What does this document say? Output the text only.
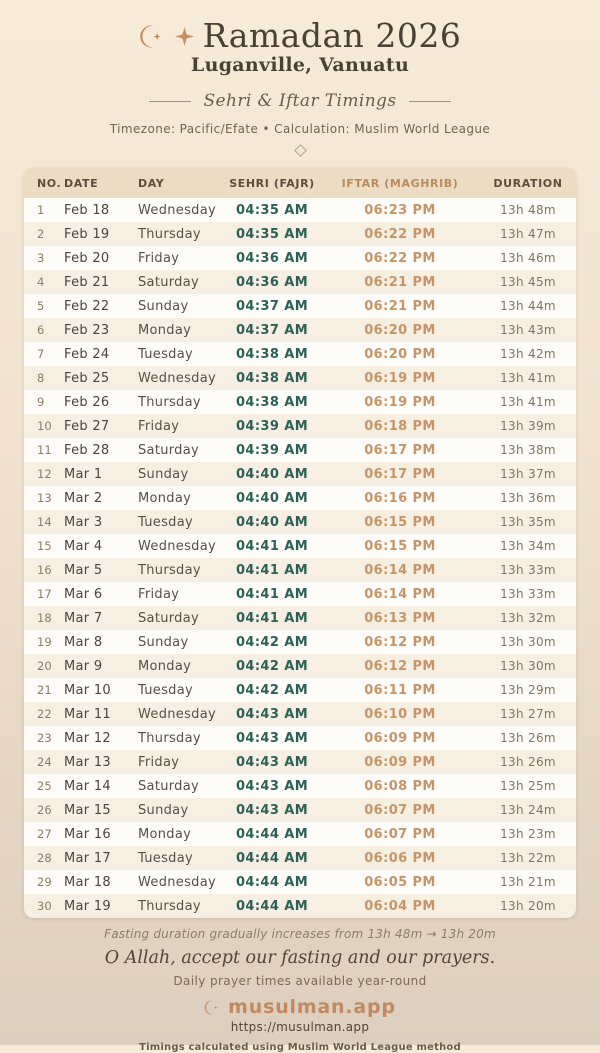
Ramadan 2026
Luganville, Vanuatu
Sehri & Iftar Timings
Timezone: Pacific/Efate • Calculation: Muslim World League
NO.	DATE	DAY	SEHRI (FAJR)	IFTAR (MAGHRIB)	DURATION
1	Feb 18	Wednesday	04:35 AM	06:23 PM	13h 48m
2	Feb 19	Thursday	04:35 AM	06:22 PM	13h 47m
3	Feb 20	Friday	04:36 AM	06:22 PM	13h 46m
4	Feb 21	Saturday	04:36 AM	06:21 PM	13h 45m
5	Feb 22	Sunday	04:37 AM	06:21 PM	13h 44m
6	Feb 23	Monday	04:37 AM	06:20 PM	13h 43m
7	Feb 24	Tuesday	04:38 AM	06:20 PM	13h 42m
8	Feb 25	Wednesday	04:38 AM	06:19 PM	13h 41m
9	Feb 26	Thursday	04:38 AM	06:19 PM	13h 41m
10	Feb 27	Friday	04:39 AM	06:18 PM	13h 39m
11	Feb 28	Saturday	04:39 AM	06:17 PM	13h 38m
12	Mar 1	Sunday	04:40 AM	06:17 PM	13h 37m
13	Mar 2	Monday	04:40 AM	06:16 PM	13h 36m
14	Mar 3	Tuesday	04:40 AM	06:15 PM	13h 35m
15	Mar 4	Wednesday	04:41 AM	06:15 PM	13h 34m
16	Mar 5	Thursday	04:41 AM	06:14 PM	13h 33m
17	Mar 6	Friday	04:41 AM	06:14 PM	13h 33m
18	Mar 7	Saturday	04:41 AM	06:13 PM	13h 32m
19	Mar 8	Sunday	04:42 AM	06:12 PM	13h 30m
20	Mar 9	Monday	04:42 AM	06:12 PM	13h 30m
21	Mar 10	Tuesday	04:42 AM	06:11 PM	13h 29m
22	Mar 11	Wednesday	04:43 AM	06:10 PM	13h 27m
23	Mar 12	Thursday	04:43 AM	06:09 PM	13h 26m
24	Mar 13	Friday	04:43 AM	06:09 PM	13h 26m
25	Mar 14	Saturday	04:43 AM	06:08 PM	13h 25m
26	Mar 15	Sunday	04:43 AM	06:07 PM	13h 24m
27	Mar 16	Monday	04:44 AM	06:07 PM	13h 23m
28	Mar 17	Tuesday	04:44 AM	06:06 PM	13h 22m
29	Mar 18	Wednesday	04:44 AM	06:05 PM	13h 21m
30	Mar 19	Thursday	04:44 AM	06:04 PM	13h 20m
Fasting duration gradually increases from 13h 48m → 13h 20m
O Allah, accept our fasting and our prayers.
Daily prayer times available year-round
musulman.app
https://musulman.app
Timings calculated using Muslim World League method
